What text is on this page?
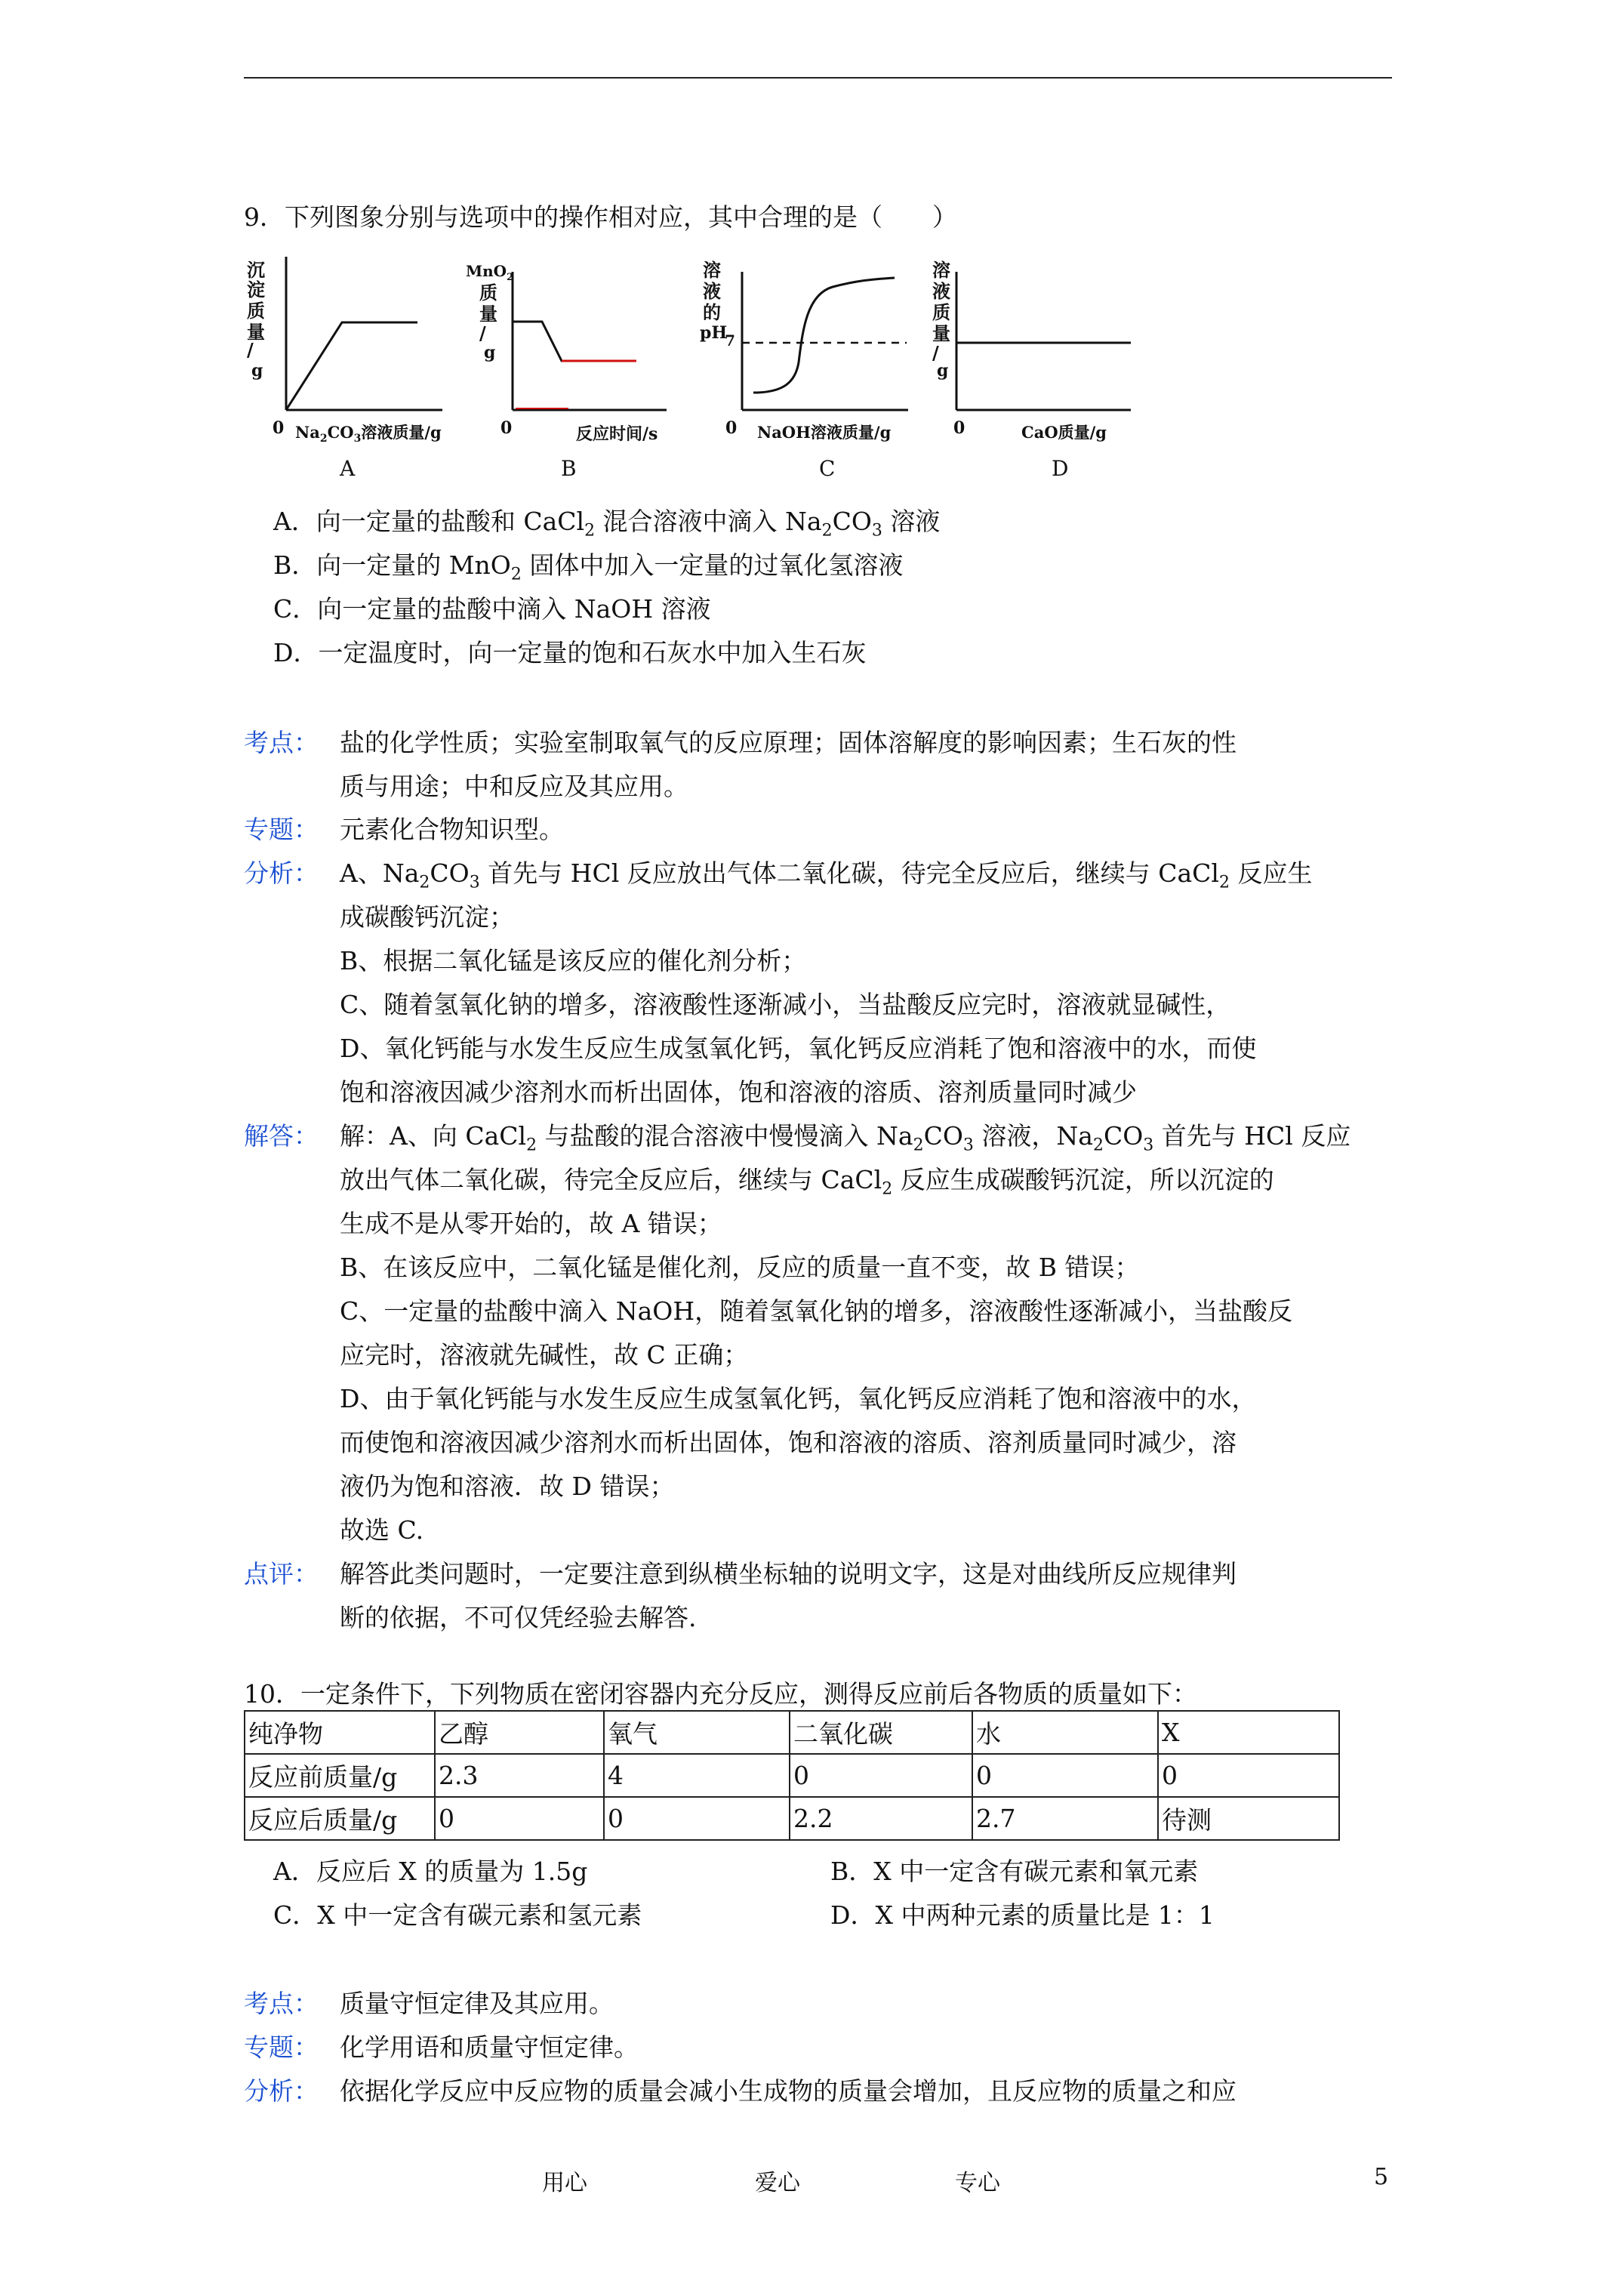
9．下列图象分别与选项中的操作相对应，其中合理的是（　　）
沉
淀
质
量
/
g
0 $Na_2CO_3$溶液质量/g
A
MnO$_2$
质
量
/
g
0	反应时间/s
B
溶
液
的
pH
7
0 NaOH溶液质量/g
C
溶
液
质
量
/
g
0	CaO质量/g
D
A．向一定量的盐酸和 CaCl$_2$ 混合溶液中滴入 $Na_2CO_3$ 溶液
B．向一定量的 MnO$_2$ 固体中加入一定量的过氧化氢溶液
C．向一定量的盐酸中滴入 NaOH 溶液
D．一定温度时，向一定量的饱和石灰水中加入生石灰
考点： 盐的化学性质；实验室制取氧气的反应原理；固体溶解度的影响因素；生石灰的性
质与用途；中和反应及其应用。
专题： 元素化合物知识型。
分析： A、$Na_2CO_3$ 首先与 HCl 反应放出气体二氧化碳，待完全反应后，继续与 CaCl$_2$ 反应生
成碳酸钙沉淀；
B、根据二氧化锰是该反应的催化剂分析；
C、随着氢氧化钠的增多，溶液酸性逐渐减小，当盐酸反应完时，溶液就显碱性，
D、氧化钙能与水发生反应生成氢氧化钙，氧化钙反应消耗了饱和溶液中的水，而使
饱和溶液因减少溶剂水而析出固体，饱和溶液的溶质、溶剂质量同时减少
解答： 解：A、向 CaCl$_2$ 与盐酸的混合溶液中慢慢滴入 $Na_2CO_3$ 溶液，$Na_2CO_3$ 首先与 HCl 反应
放出气体二氧化碳，待完全反应后，继续与 CaCl$_2$ 反应生成碳酸钙沉淀，所以沉淀的
生成不是从零开始的，故 A 错误；
B、在该反应中，二氧化锰是催化剂，反应的质量一直不变，故 B 错误；
C、一定量的盐酸中滴入 NaOH，随着氢氧化钠的增多，溶液酸性逐渐减小，当盐酸反
应完时，溶液就先碱性，故 C 正确；
D、由于氧化钙能与水发生反应生成氢氧化钙，氧化钙反应消耗了饱和溶液中的水，
而使饱和溶液因减少溶剂水而析出固体，饱和溶液的溶质、溶剂质量同时减少，溶
液仍为饱和溶液．故 D 错误；
故选 C.
点评： 解答此类问题时，一定要注意到纵横坐标轴的说明文字，这是对曲线所反应规律判
断的依据，不可仅凭经验去解答.
10．一定条件下，下列物质在密闭容器内充分反应，测得反应前后各物质的质量如下：
纯净物	乙醇	氧气	二氧化碳	水	X
反应前质量/g	2.3	4	0	0	0
反应后质量/g	0	0	2.2	2.7	待测
A．反应后 X 的质量为 1.5g	B．X 中一定含有碳元素和氧元素
C．X 中一定含有碳元素和氢元素	D．X 中两种元素的质量比是 1：1
考点： 质量守恒定律及其应用。
专题： 化学用语和质量守恒定律。
分析： 依据化学反应中反应物的质量会减小生成物的质量会增加，且反应物的质量之和应
用心	爱心	专心	5
